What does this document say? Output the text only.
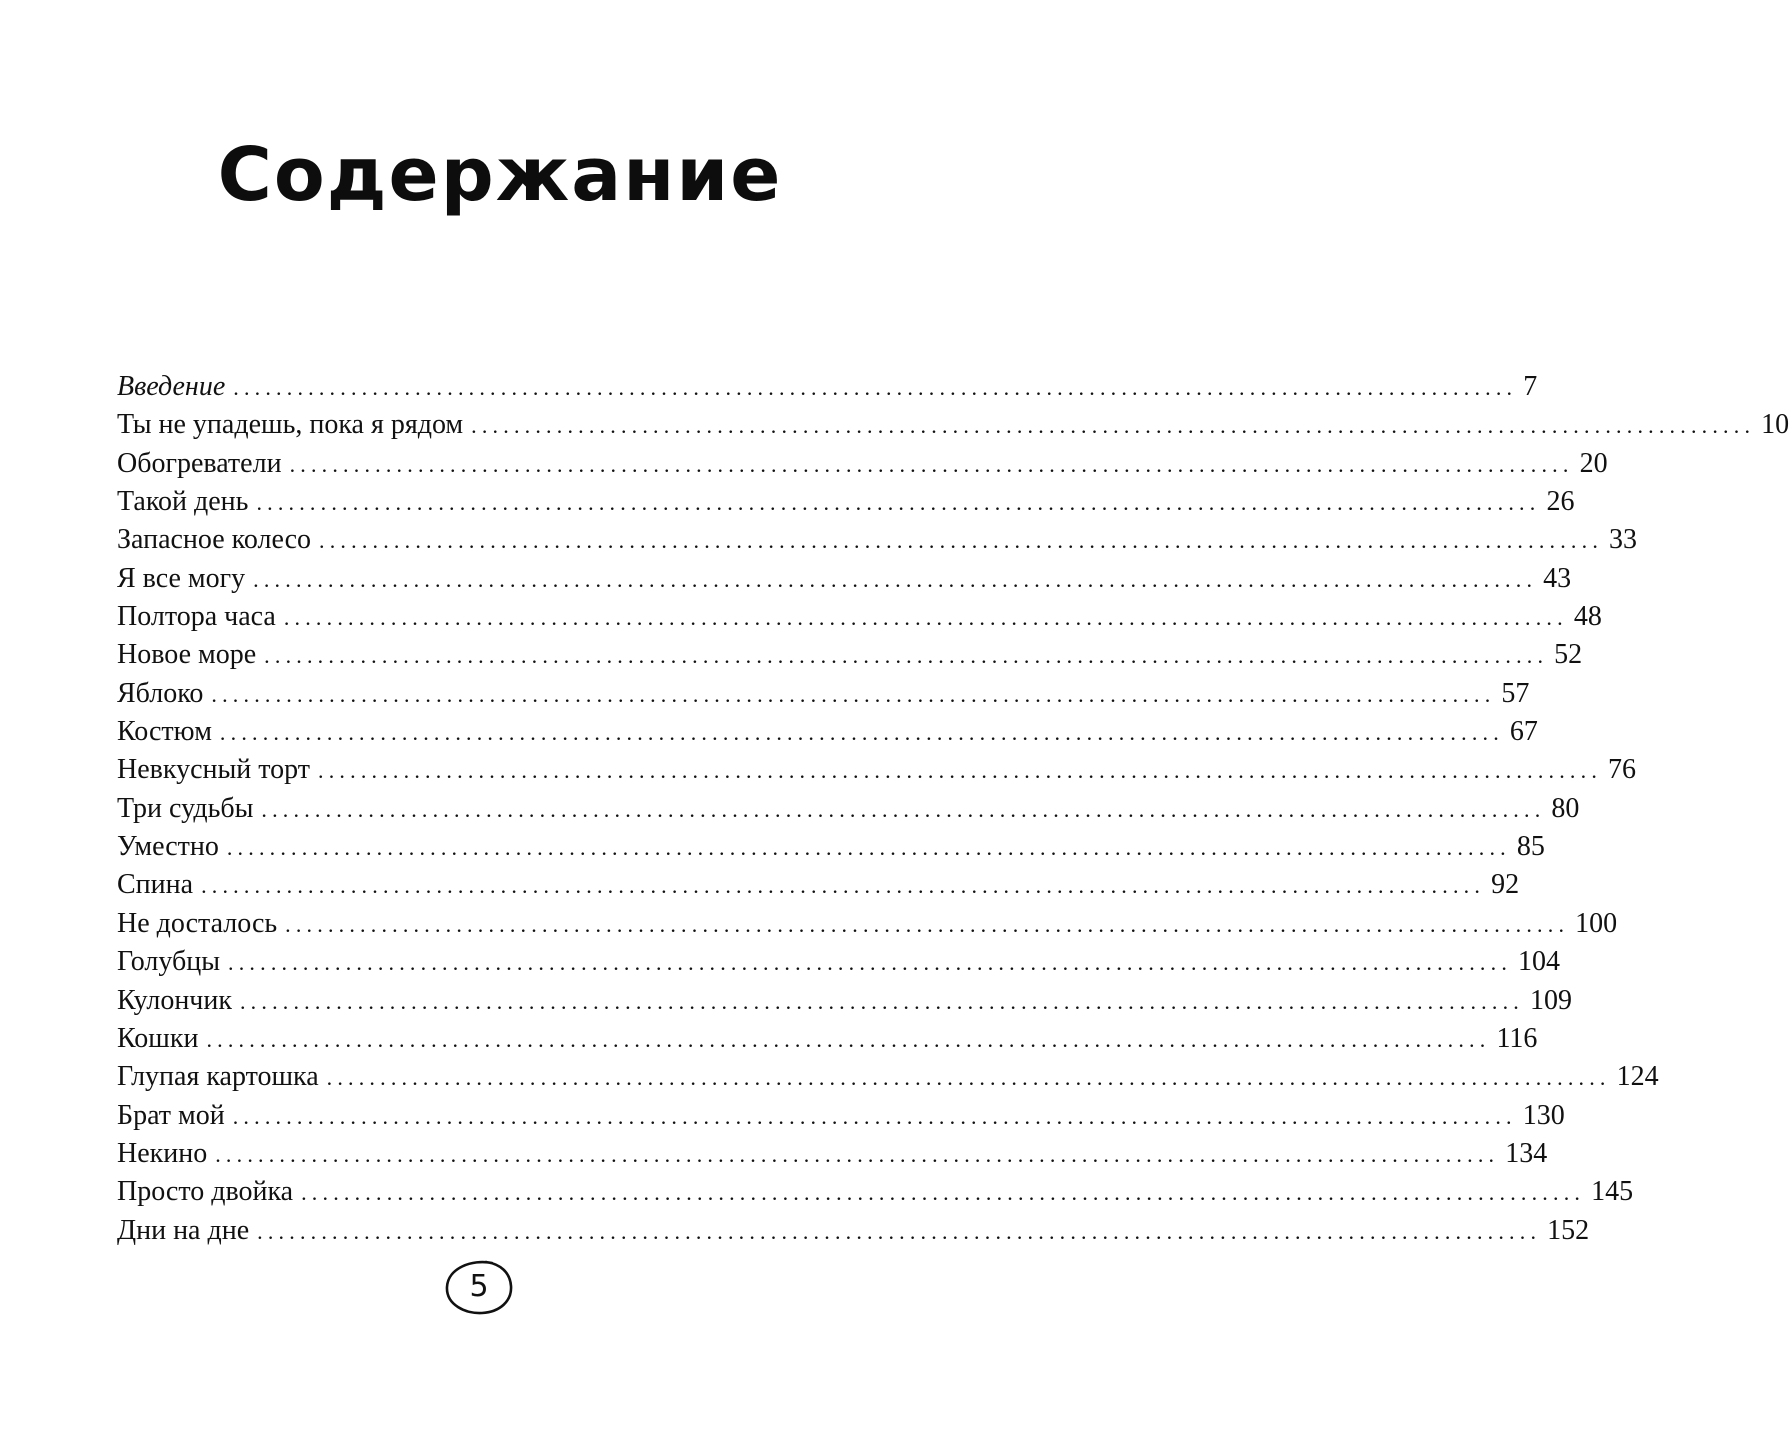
Содержание
Введение ........................................................................................................................ 7
Ты не упадешь, пока я рядом ........................................................................................................................ 10
Обогреватели ........................................................................................................................ 20
Такой день ........................................................................................................................ 26
Запасное колесо ........................................................................................................................ 33
Я все могу ........................................................................................................................ 43
Полтора часа ........................................................................................................................ 48
Новое море ........................................................................................................................ 52
Яблоко ........................................................................................................................ 57
Костюм ........................................................................................................................ 67
Невкусный торт ........................................................................................................................ 76
Три судьбы ........................................................................................................................ 80
Уместно ........................................................................................................................ 85
Спина ........................................................................................................................ 92
Не досталось ........................................................................................................................ 100
Голубцы ........................................................................................................................ 104
Кулончик ........................................................................................................................ 109
Кошки ........................................................................................................................ 116
Глупая картошка ........................................................................................................................ 124
Брат мой ........................................................................................................................ 130
Некино ........................................................................................................................ 134
Просто двойка ........................................................................................................................ 145
Дни на дне ........................................................................................................................ 152
5
